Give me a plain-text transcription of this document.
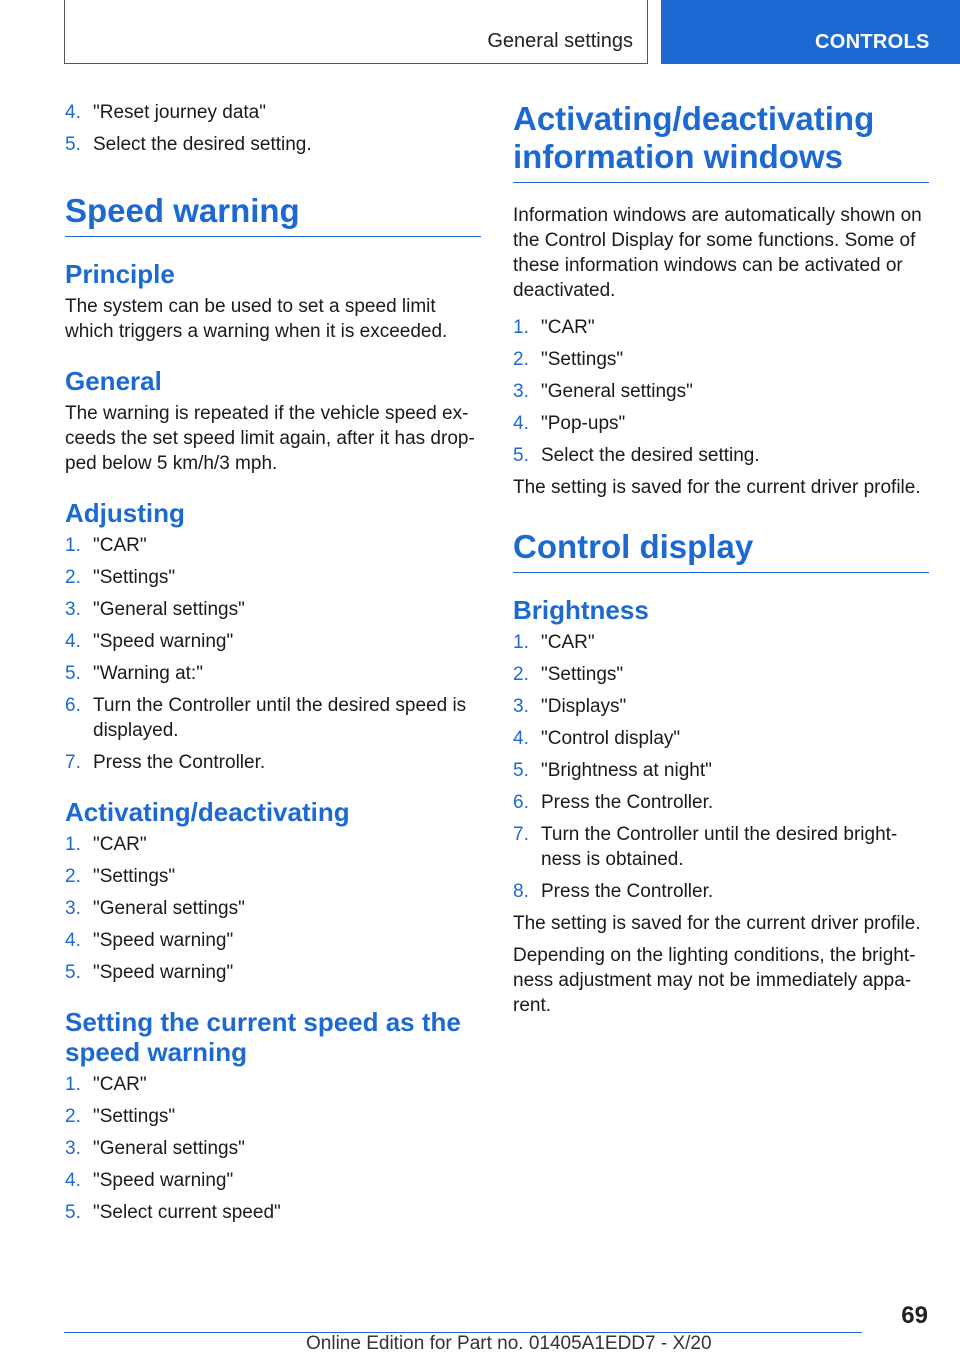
General settings	CONTROLS
4. "Reset journey data"
5. Select the desired setting.
Speed warning
Principle

The system can be used to set a speed limit which triggers a warning when it is exceeded.

General

The warning is repeated if the vehicle speed ex-ceeds the set speed limit again, after it has drop-ped below 5 km/h/3 mph.

Adjusting
1. "CAR"
2. "Settings"
3. "General settings"
4. "Speed warning"
5. "Warning at:"
6. Turn the Controller until the desired speed is displayed.
7. Press the Controller.
Activating/deactivating
1. "CAR"
2. "Settings"
3. "General settings"
4. "Speed warning"
5. "Speed warning"
Setting the current speed as the speed warning
1. "CAR"
2. "Settings"
3. "General settings"
4. "Speed warning"
5. "Select current speed"
Activating/deactivating information windows

Information windows are automatically shown on the Control Display for some functions. Some of these information windows can be activated or deactivated.

1. "CAR"
2. "Settings"
3. "General settings"
4. "Pop-ups"
5. Select the desired setting.

The setting is saved for the current driver profile.

Control display
Brightness
1. "CAR"
2. "Settings"
3. "Displays"
4. "Control display"
5. "Brightness at night"
6. Press the Controller.
7. Turn the Controller until the desired bright-ness is obtained.
8. Press the Controller.

The setting is saved for the current driver profile.

Depending on the lighting conditions, the bright-ness adjustment may not be immediately appa-rent.

69
Online Edition for Part no. 01405A1EDD7 - X/20
